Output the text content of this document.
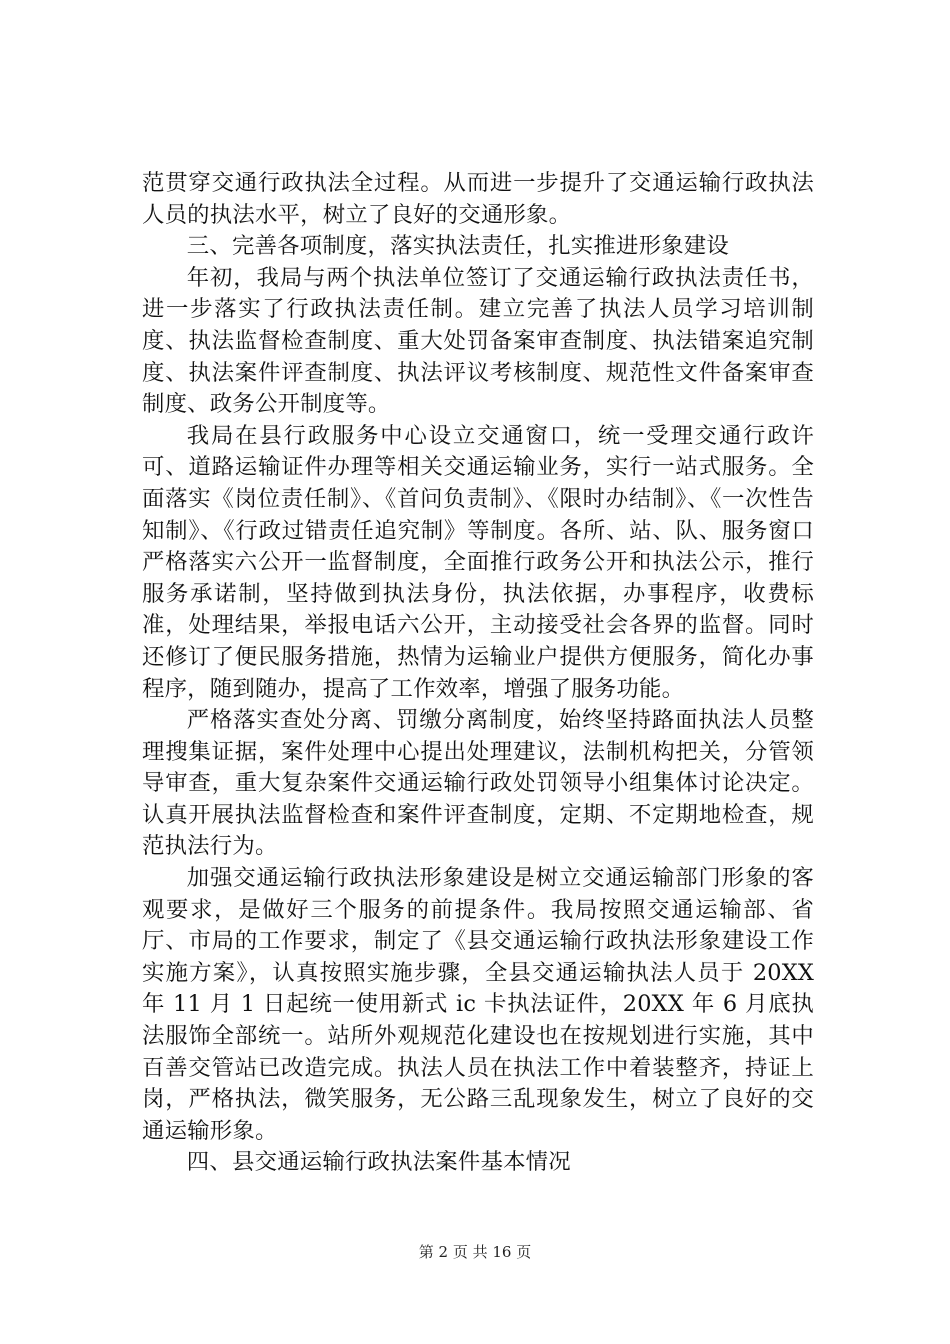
范贯穿交通行政执法全过程。从而进一步提升了交通运输行政执法人员的执法水平，树立了良好的交通形象。

三、完善各项制度，落实执法责任，扎实推进形象建设

年初，我局与两个执法单位签订了交通运输行政执法责任书，进一步落实了行政执法责任制。建立完善了执法人员学习培训制度、执法监督检查制度、重大处罚备案审查制度、执法错案追究制度、执法案件评查制度、执法评议考核制度、规范性文件备案审查制度、政务公开制度等。

我局在县行政服务中心设立交通窗口，统一受理交通行政许可、道路运输证件办理等相关交通运输业务，实行一站式服务。全面落实《岗位责任制》、《首问负责制》、《限时办结制》、《一次性告知制》、《行政过错责任追究制》等制度。各所、站、队、服务窗口严格落实六公开一监督制度，全面推行政务公开和执法公示，推行服务承诺制，坚持做到执法身份，执法依据，办事程序，收费标准，处理结果，举报电话六公开，主动接受社会各界的监督。同时还修订了便民服务措施，热情为运输业户提供方便服务，简化办事程序，随到随办，提高了工作效率，增强了服务功能。

严格落实查处分离、罚缴分离制度，始终坚持路面执法人员整理搜集证据，案件处理中心提出处理建议，法制机构把关，分管领导审查，重大复杂案件交通运输行政处罚领导小组集体讨论决定。认真开展执法监督检查和案件评查制度，定期、不定期地检查，规范执法行为。

加强交通运输行政执法形象建设是树立交通运输部门形象的客观要求，是做好三个服务的前提条件。我局按照交通运输部、省厅、市局的工作要求，制定了《县交通运输行政执法形象建设工作实施方案》，认真按照实施步骤，全县交通运输执法人员于 20XX 年 11 月 1 日起统一使用新式 ic 卡执法证件，20XX 年 6 月底执法服饰全部统一。站所外观规范化建设也在按规划进行实施，其中百善交管站已改造完成。执法人员在执法工作中着装整齐，持证上岗，严格执法，微笑服务，无公路三乱现象发生，树立了良好的交通运输形象。

四、县交通运输行政执法案件基本情况

第 2 页 共 16 页
